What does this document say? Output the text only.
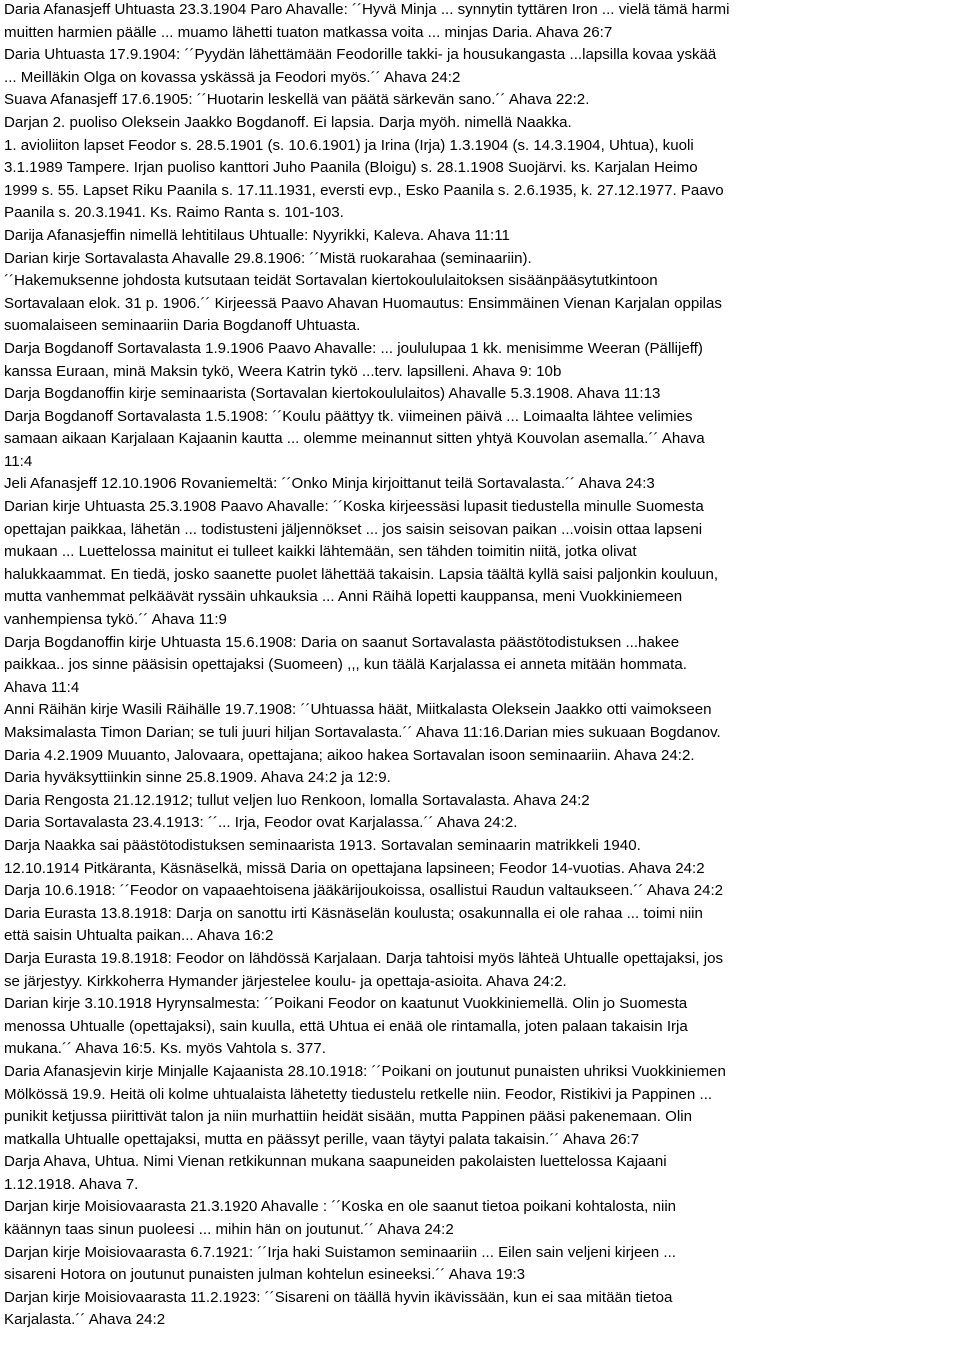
Daria Afanasjeff Uhtuasta 23.3.1904 Paro Ahavalle: ´´Hyvä Minja ... synnytin tyttären Iron ... vielä tämä harmi
muitten harmien päälle ... muamo lähetti tuaton matkassa voita ... minjas Daria. Ahava 26:7
Daria Uhtuasta 17.9.1904: ´´Pyydän lähettämään Feodorille takki- ja housukangasta ...lapsilla kovaa yskää
... Meilläkin Olga on kovassa yskässä ja Feodori myös.´´ Ahava 24:2
Suava Afanasjeff 17.6.1905: ´´Huotarin leskellä van päätä särkevän sano.´´ Ahava 22:2.
Darjan 2. puoliso Oleksein Jaakko Bogdanoff. Ei lapsia. Darja myöh. nimellä Naakka.
1. avioliiton lapset Feodor s. 28.5.1901 (s. 10.6.1901) ja Irina (Irja) 1.3.1904 (s. 14.3.1904, Uhtua), kuoli
3.1.1989 Tampere. Irjan puoliso kanttori Juho Paanila (Bloigu) s. 28.1.1908 Suojärvi. ks. Karjalan Heimo
1999 s. 55. Lapset Riku Paanila s. 17.11.1931, eversti evp., Esko Paanila s. 2.6.1935, k. 27.12.1977. Paavo
Paanila s. 20.3.1941. Ks. Raimo Ranta s. 101-103.
Darija Afanasjeffin nimellä lehtitilaus Uhtualle: Nyyrikki, Kaleva. Ahava 11:11
Darian kirje Sortavalasta Ahavalle 29.8.1906: ´´Mistä ruokarahaa (seminaariin).
´´Hakemuksenne johdosta kutsutaan teidät Sortavalan kiertokoululaitoksen sisäänpääsytutkintoon
Sortavalaan elok. 31 p. 1906.´´ Kirjeessä Paavo Ahavan Huomautus: Ensimmäinen Vienan Karjalan oppilas
suomalaiseen seminaariin Daria Bogdanoff Uhtuasta.
Darja Bogdanoff Sortavalasta 1.9.1906 Paavo Ahavalle: ... joululupaa 1 kk. menisimme Weeran (Pällijeff)
kanssa Euraan, minä Maksin tykö, Weera Katrin tykö ...terv. lapsilleni. Ahava 9: 10b
Darja Bogdanoffin kirje seminaarista (Sortavalan kiertokoululaitos) Ahavalle 5.3.1908. Ahava 11:13
Darja Bogdanoff Sortavalasta 1.5.1908: ´´Koulu päättyy tk. viimeinen päivä ... Loimaalta lähtee velimies
samaan aikaan Karjalaan Kajaanin kautta ... olemme meinannut sitten yhtyä Kouvolan asemalla.´´ Ahava
11:4
Jeli Afanasjeff 12.10.1906 Rovaniemeltä: ´´Onko Minja kirjoittanut teilä Sortavalasta.´´ Ahava 24:3
Darian kirje Uhtuasta 25.3.1908 Paavo Ahavalle: ´´Koska kirjeessäsi lupasit tiedustella minulle Suomesta
opettajan paikkaa, lähetän ... todistusteni jäljennökset ... jos saisin seisovan paikan ...voisin ottaa lapseni
mukaan ... Luettelossa mainitut ei tulleet kaikki lähtemään, sen tähden toimitin niitä, jotka olivat
halukkaammat. En tiedä, josko saanette puolet lähettää takaisin. Lapsia täältä kyllä saisi paljonkin kouluun,
mutta vanhemmat pelkäävät ryssäin uhkauksia ... Anni Räihä lopetti kauppansa, meni Vuokkiniemeen
vanhempiensa tykö.´´ Ahava 11:9
Darja Bogdanoffin kirje Uhtuasta 15.6.1908: Daria on saanut Sortavalasta päästötodistuksen ...hakee
paikkaa.. jos sinne pääsisin opettajaksi (Suomeen) ,,, kun täälä Karjalassa ei anneta mitään hommata.
Ahava 11:4
Anni Räihän kirje Wasili Räihälle 19.7.1908: ´´Uhtuassa häät, Miitkalasta Oleksein Jaakko otti vaimokseen
Maksimalasta Timon Darian; se tuli juuri hiljan Sortavalasta.´´ Ahava 11:16.Darian mies sukuaan Bogdanov.
Daria 4.2.1909 Muuanto, Jalovaara, opettajana; aikoo hakea Sortavalan isoon seminaariin. Ahava 24:2.
Daria hyväksyttiinkin sinne 25.8.1909. Ahava 24:2 ja 12:9.
Daria Rengosta 21.12.1912; tullut veljen luo Renkoon, lomalla Sortavalasta. Ahava 24:2
Daria Sortavalasta 23.4.1913: ´´... Irja, Feodor ovat Karjalassa.´´ Ahava 24:2.
Darja Naakka sai päästötodistuksen seminaarista 1913. Sortavalan seminaarin matrikkeli 1940.
12.10.1914 Pitkäranta, Käsnäselkä, missä Daria on opettajana lapsineen; Feodor 14-vuotias. Ahava 24:2
Darja 10.6.1918: ´´Feodor on vapaaehtoisena jääkärijoukoissa, osallistui Raudun valtaukseen.´´ Ahava 24:2
Daria Eurasta 13.8.1918: Darja on sanottu irti Käsnäselän koulusta; osakunnalla ei ole rahaa ... toimi niin
että saisin Uhtualta paikan... Ahava 16:2
Darja Eurasta 19.8.1918: Feodor on lähdössä Karjalaan. Darja tahtoisi myös lähteä Uhtualle opettajaksi, jos
se järjestyy. Kirkkoherra Hymander järjesteleе koulu- ja opettaja-asioita. Ahava 24:2.
Darian kirje 3.10.1918 Hyrynsalmesta: ´´Poikani Feodor on kaatunut Vuokkiniemellä. Olin jo Suomesta
menossa Uhtualle (opettajaksi), sain kuulla, että Uhtua ei enää ole rintamalla, joten palaan takaisin Irja
mukana.´´ Ahava 16:5. Ks. myös Vahtola s. 377.
Daria Afanasjevin kirje Minjalle Kajaanista 28.10.1918: ´´Poikani on joutunut punaisten uhriksi Vuokkiniemen
Mölkössä 19.9. Heitä oli kolme uhtualaista lähetetty tiedustelu retkelle niin. Feodor, Ristikivi ja Pappinen ...
punikit ketjussa piirittivät talon ja niin murhattiin heidät sisään, mutta Pappinen pääsi pakenemaan. Olin
matkalla Uhtualle opettajaksi, mutta en päässyt perille, vaan täytyi palata takaisin.´´ Ahava 26:7
Darja Ahava, Uhtua. Nimi Vienan retkikunnan mukana saapuneiden pakolaisten luettelossa Kajaani
1.12.1918. Ahava 7.
Darjan kirje Moisiovaarasta 21.3.1920 Ahavalle : ´´Koska en ole saanut tietoa poikani kohtalosta, niin
käännyn taas sinun puoleesi ... mihin hän on joutunut.´´ Ahava 24:2
Darjan kirje Moisiovaarasta 6.7.1921: ´´Irja haki Suistamon seminaariin ... Eilen sain veljeni kirjeen ...
sisareni Hotora on joutunut punaisten julman kohtelun esineeksi.´´ Ahava 19:3
Darjan kirje Moisiovaarasta 11.2.1923: ´´Sisareni on täällä hyvin ikävissään, kun ei saa mitään tietoa
Karjalasta.´´ Ahava 24:2
